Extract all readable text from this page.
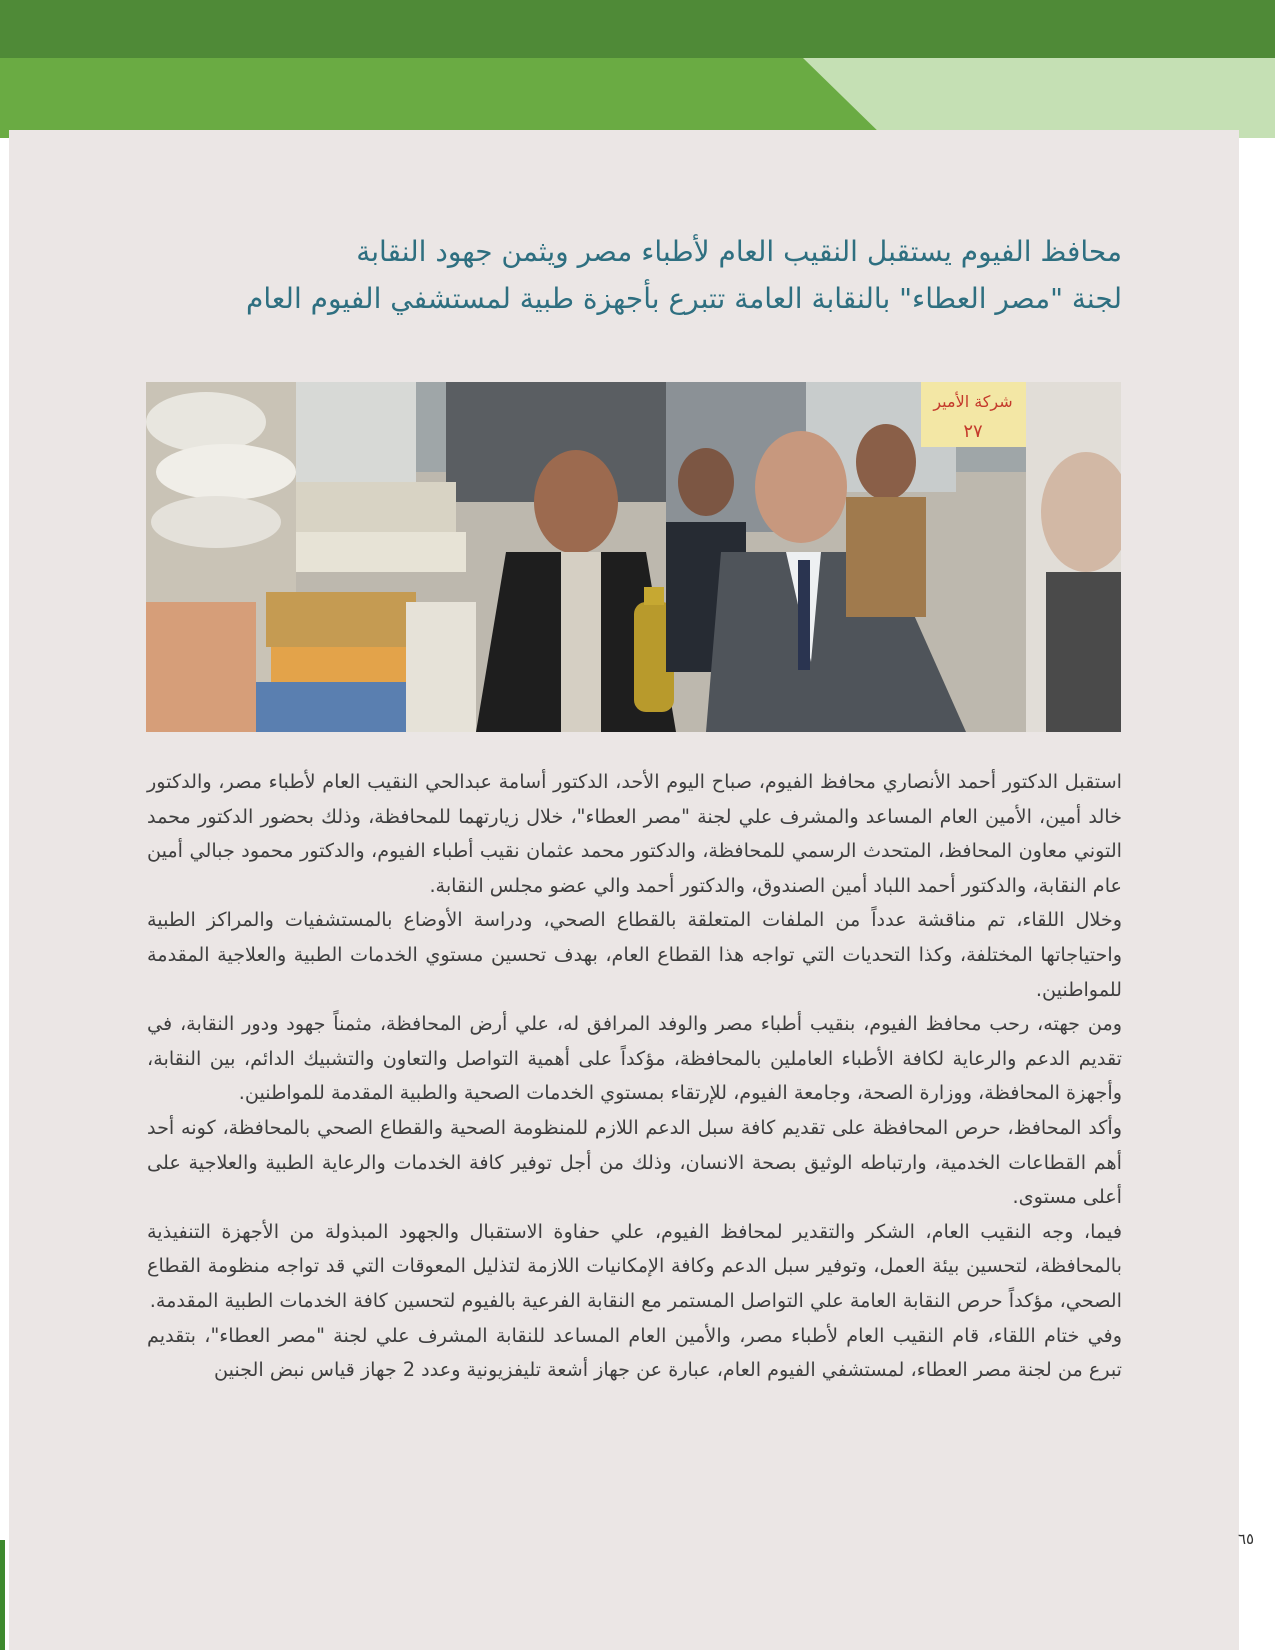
محافظ الفيوم يستقبل النقيب العام لأطباء مصر ويثمن جهود النقابة
لجنة "مصر العطاء" بالنقابة العامة تتبرع بأجهزة طبية لمستشفي الفيوم العام
شركة الأمير
٢٧

استقبل الدكتور أحمد الأنصاري محافظ الفيوم، صباح اليوم الأحد، الدكتور أسامة عبدالحي النقيب العام لأطباء مصر، والدكتور خالد أمين، الأمين العام المساعد والمشرف علي لجنة "مصر العطاء"، خلال زيارتهما للمحافظة، وذلك بحضور الدكتور محمد التوني معاون المحافظ، المتحدث الرسمي للمحافظة، والدكتور محمد عثمان نقيب أطباء الفيوم، والدكتور محمود جبالي أمين عام النقابة، والدكتور أحمد اللباد أمين الصندوق، والدكتور أحمد والي عضو مجلس النقابة.

وخلال اللقاء، تم مناقشة عدداً من الملفات المتعلقة بالقطاع الصحي، ودراسة الأوضاع بالمستشفيات والمراكز الطبية واحتياجاتها المختلفة، وكذا التحديات التي تواجه هذا القطاع العام، بهدف تحسين مستوي الخدمات الطبية والعلاجية المقدمة للمواطنين.

ومن جهته، رحب محافظ الفيوم، بنقيب أطباء مصر والوفد المرافق له، علي أرض المحافظة، مثمناً جهود ودور النقابة، في تقديم الدعم والرعاية لكافة الأطباء العاملين بالمحافظة، مؤكداً على أهمية التواصل والتعاون والتشبيك الدائم، بين النقابة، وأجهزة المحافظة، ووزارة الصحة، وجامعة الفيوم، للإرتقاء بمستوي الخدمات الصحية والطبية المقدمة للمواطنين.

وأكد المحافظ، حرص المحافظة على تقديم كافة سبل الدعم اللازم للمنظومة الصحية والقطاع الصحي بالمحافظة، كونه أحد أهم القطاعات الخدمية، وارتباطه الوثيق بصحة الانسان، وذلك من أجل توفير كافة الخدمات والرعاية الطبية والعلاجية على أعلى مستوى.

فيما، وجه النقيب العام، الشكر والتقدير لمحافظ الفيوم، علي حفاوة الاستقبال والجهود المبذولة من الأجهزة التنفيذية بالمحافظة، لتحسين بيئة العمل، وتوفير سبل الدعم وكافة الإمكانيات اللازمة لتذليل المعوقات التي قد تواجه منظومة القطاع الصحي، مؤكداً حرص النقابة العامة علي التواصل المستمر مع النقابة الفرعية بالفيوم لتحسين كافة الخدمات الطبية المقدمة.

وفي ختام اللقاء، قام النقيب العام لأطباء مصر، والأمين العام المساعد للنقابة المشرف علي لجنة "مصر العطاء"، بتقديم تبرع من لجنة مصر العطاء، لمستشفي الفيوم العام، عبارة عن جهاز أشعة تليفزيونية وعدد 2 جهاز قياس نبض الجنين

٦٥
